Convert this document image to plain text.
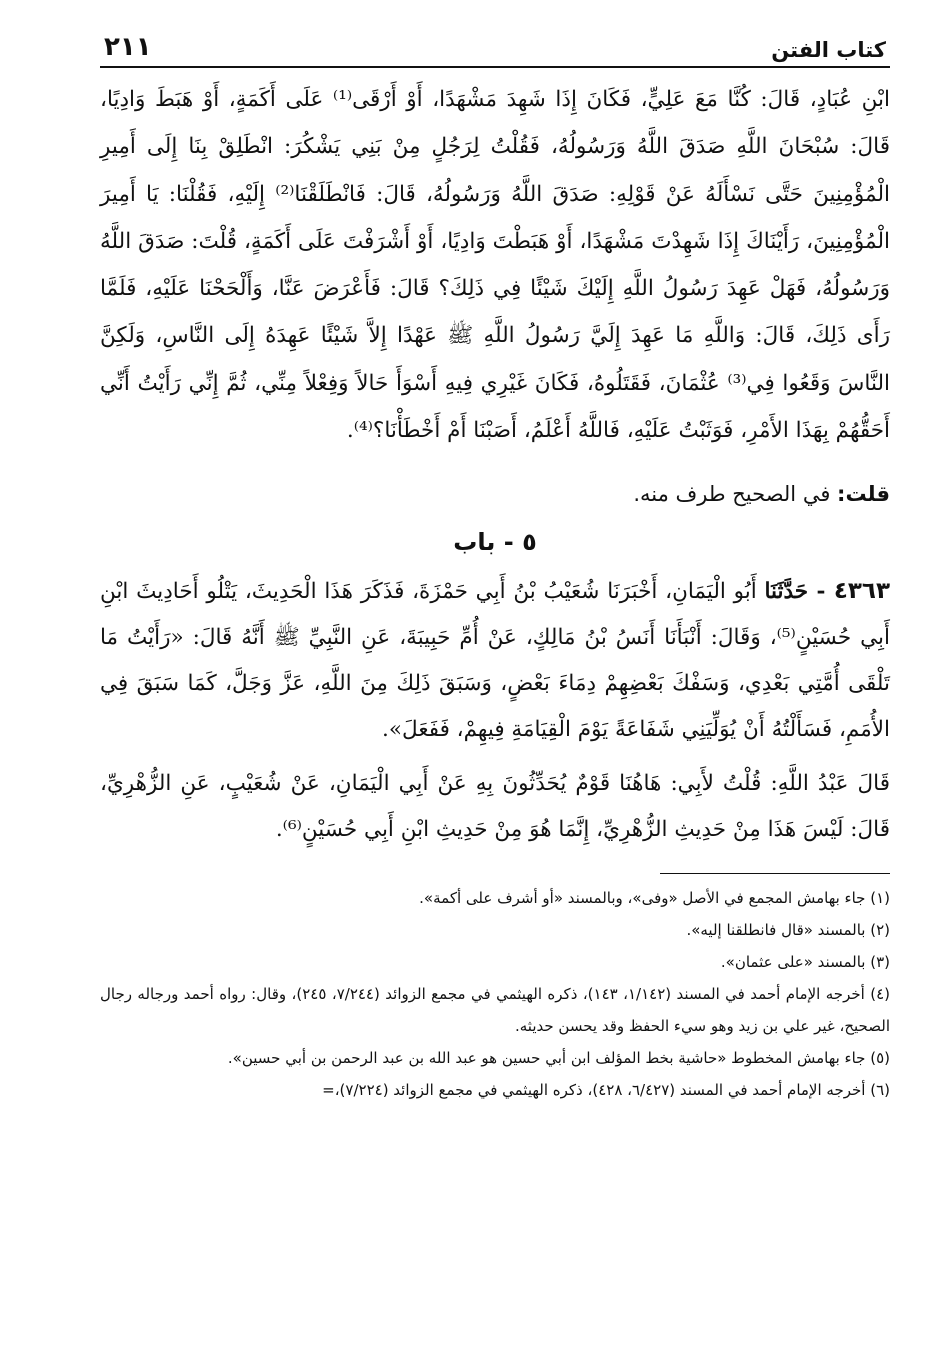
كتاب الفتن
٢١١

ابْنِ عُبَادٍ، قَالَ: كُنَّا مَعَ عَلِيٍّ، فَكَانَ إِذَا شَهِدَ مَشْهَدًا، أَوْ أَرْقَى⁽¹⁾ عَلَى أَكَمَةٍ، أَوْ هَبَطَ وَادِيًا، قَالَ: سُبْحَانَ اللَّهِ صَدَقَ اللَّهُ وَرَسُولُهُ، فَقُلْتُ لِرَجُلٍ مِنْ بَنِي يَشْكُرَ: انْطَلِقْ بِنَا إِلَى أَمِيرِ الْمُؤْمِنِينَ حَتَّى نَسْأَلَهُ عَنْ قَوْلِهِ: صَدَقَ اللَّهُ وَرَسُولُهُ، قَالَ: فَانْطَلَقْنَا⁽²⁾ إِلَيْهِ، فَقُلْنَا: يَا أَمِيرَ الْمُؤْمِنِينَ، رَأَيْنَاكَ إِذَا شَهِدْتَ مَشْهَدًا، أَوْ هَبَطْتَ وَادِيًا، أَوْ أَشْرَفْتَ عَلَى أَكَمَةٍ، قُلْتَ: صَدَقَ اللَّهُ وَرَسُولُهُ، فَهَلْ عَهِدَ رَسُولُ اللَّهِ إِلَيْكَ شَيْئًا فِي ذَلِكَ؟ قَالَ: فَأَعْرَضَ عَنَّا، وَأَلْحَحْنَا عَلَيْهِ، فَلَمَّا رَأَى ذَلِكَ، قَالَ: وَاللَّهِ مَا عَهِدَ إِلَيَّ رَسُولُ اللَّهِ ﷺ عَهْدًا إِلاَّ شَيْئًا عَهِدَهُ إِلَى النَّاسِ، وَلَكِنَّ النَّاسَ وَقَعُوا فِي⁽³⁾ عُثْمَانَ، فَقَتَلُوهُ، فَكَانَ غَيْرِي فِيهِ أَسْوَأَ حَالاً وَفِعْلاً مِنِّي، ثُمَّ إِنِّي رَأَيْتُ أَنِّي أَحَقُّهُمْ بِهَذَا الأَمْرِ، فَوَثَبْتُ عَلَيْهِ، فَاللَّهُ أَعْلَمُ، أَصَبْنَا أَمْ أَخْطَأْنَا؟⁽⁴⁾.

قلت: في الصحيح طرف منه.

٥ - باب

٤٣٦٣ - حَدَّثَنَا أَبُو الْيَمَانِ، أَخْبَرَنَا شُعَيْبُ بْنُ أَبِي حَمْزَةَ، فَذَكَرَ هَذَا الْحَدِيثَ، يَتْلُو أَحَادِيثَ ابْنِ أَبِي حُسَيْنٍ⁽⁵⁾، وَقَالَ: أَنْبَأَنَا أَنَسُ بْنُ مَالِكٍ، عَنْ أُمِّ حَبِيبَةَ، عَنِ النَّبِيِّ ﷺ أَنَّهُ قَالَ: «رَأَيْتُ مَا تَلْقَى أُمَّتِي بَعْدِي، وَسَفْكَ بَعْضِهِمْ دِمَاءَ بَعْضٍ، وَسَبَقَ ذَلِكَ مِنَ اللَّهِ، عَزَّ وَجَلَّ، كَمَا سَبَقَ فِي الأُمَمِ، فَسَأَلْتُهُ أَنْ يُوَلِّيَنِي شَفَاعَةً يَوْمَ الْقِيَامَةِ فِيهِمْ، فَفَعَلَ».

قَالَ عَبْدُ اللَّهِ: قُلْتُ لأَبِي: هَاهُنَا قَوْمٌ يُحَدِّثُونَ بِهِ عَنْ أَبِي الْيَمَانِ، عَنْ شُعَيْبٍ، عَنِ الزُّهْرِيِّ، قَالَ: لَيْسَ هَذَا مِنْ حَدِيثِ الزُّهْرِيِّ، إِنَّمَا هُوَ مِنْ حَدِيثِ ابْنِ أَبِي حُسَيْنٍ⁽⁶⁾.

(١) جاء بهامش المجمع في الأصل «وفى»، وبالمسند «أو أشرف على أكمة».

(٢) بالمسند «قال فانطلقنا إليه».

(٣) بالمسند «على عثمان».

(٤) أخرجه الإمام أحمد في المسند (١/١٤٢، ١٤٣)، ذكره الهيثمي في مجمع الزوائد (٧/٢٤٤، ٢٤٥)، وقال: رواه أحمد ورجاله رجال الصحيح، غير علي بن زيد وهو سيء الحفظ وقد يحسن حديثه.

(٥) جاء بهامش المخطوط «حاشية بخط المؤلف ابن أبي حسين هو عبد الله بن عبد الرحمن بن أبي حسين».

(٦) أخرجه الإمام أحمد في المسند (٦/٤٢٧، ٤٢٨)، ذكره الهيثمي في مجمع الزوائد (٧/٢٢٤)،=
